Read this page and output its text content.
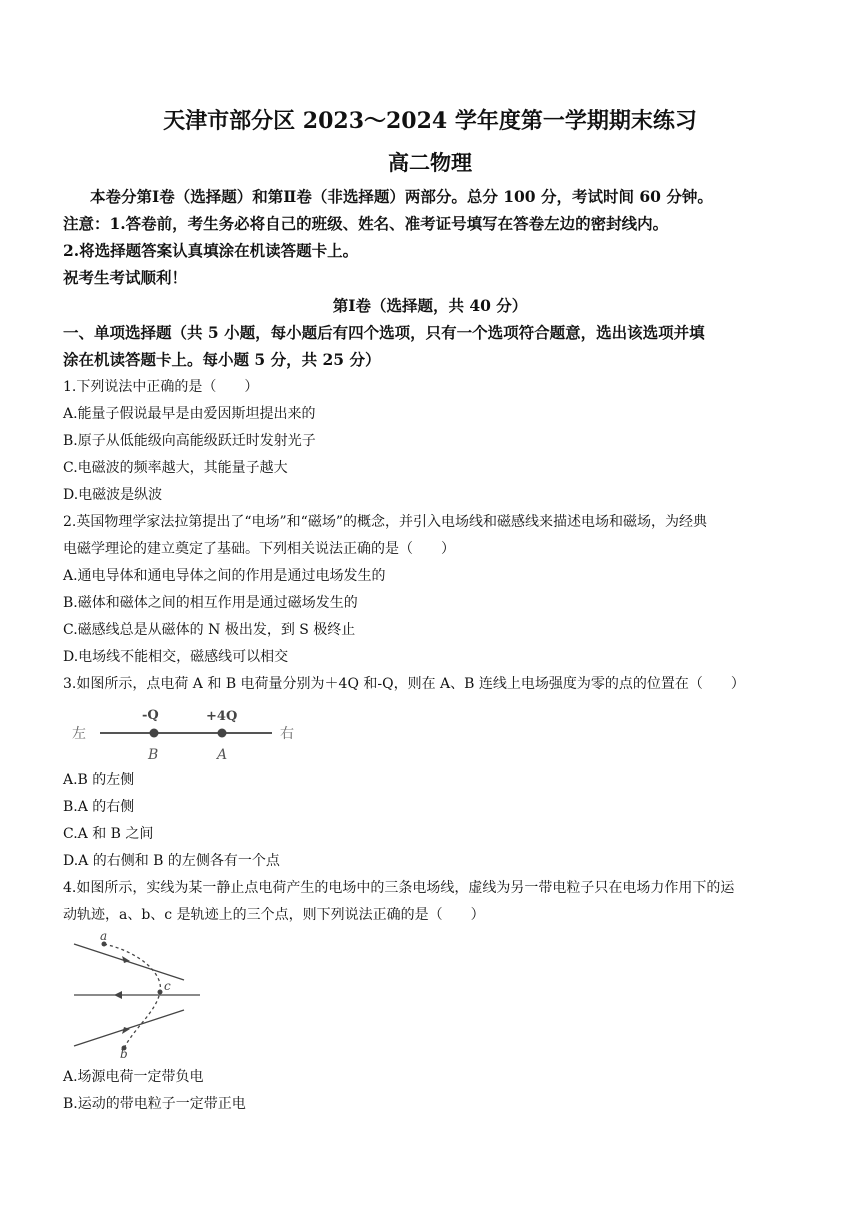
天津市部分区 2023～2024 学年度第一学期期末练习
高二物理
本卷分第Ⅰ卷（选择题）和第Ⅱ卷（非选择题）两部分。总分 100 分，考试时间 60 分钟。
注意：1.答卷前，考生务必将自己的班级、姓名、准考证号填写在答卷左边的密封线内。
2.将选择题答案认真填涂在机读答题卡上。
祝考生考试顺利！
第Ⅰ卷（选择题，共 40 分）
一、单项选择题（共 5 小题，每小题后有四个选项，只有一个选项符合题意，选出该选项并填
涂在机读答题卡上。每小题 5 分，共 25 分）
1.下列说法中正确的是（　　）
A.能量子假说最早是由爱因斯坦提出来的
B.原子从低能级向高能级跃迁时发射光子
C.电磁波的频率越大，其能量子越大
D.电磁波是纵波
2.英国物理学家法拉第提出了“电场”和“磁场”的概念，并引入电场线和磁感线来描述电场和磁场，为经典
电磁学理论的建立奠定了基础。下列相关说法正确的是（　　）
A.通电导体和通电导体之间的作用是通过电场发生的
B.磁体和磁体之间的相互作用是通过磁场发生的
C.磁感线总是从磁体的 N 极出发，到 S 极终止
D.电场线不能相交，磁感线可以相交
3.如图所示，点电荷 A 和 B 电荷量分别为＋4Q 和-Q，则在 A、B 连线上电场强度为零的点的位置在（　　）
左	右
-Q	+4Q
B	A
A.B 的左侧
B.A 的右侧
C.A 和 B 之间
D.A 的右侧和 B 的左侧各有一个点
4.如图所示，实线为某一静止点电荷产生的电场中的三条电场线，虚线为另一带电粒子只在电场力作用下的运
动轨迹，a、b、c 是轨迹上的三个点，则下列说法正确的是（　　）
a
c
b
A.场源电荷一定带负电
B.运动的带电粒子一定带正电
